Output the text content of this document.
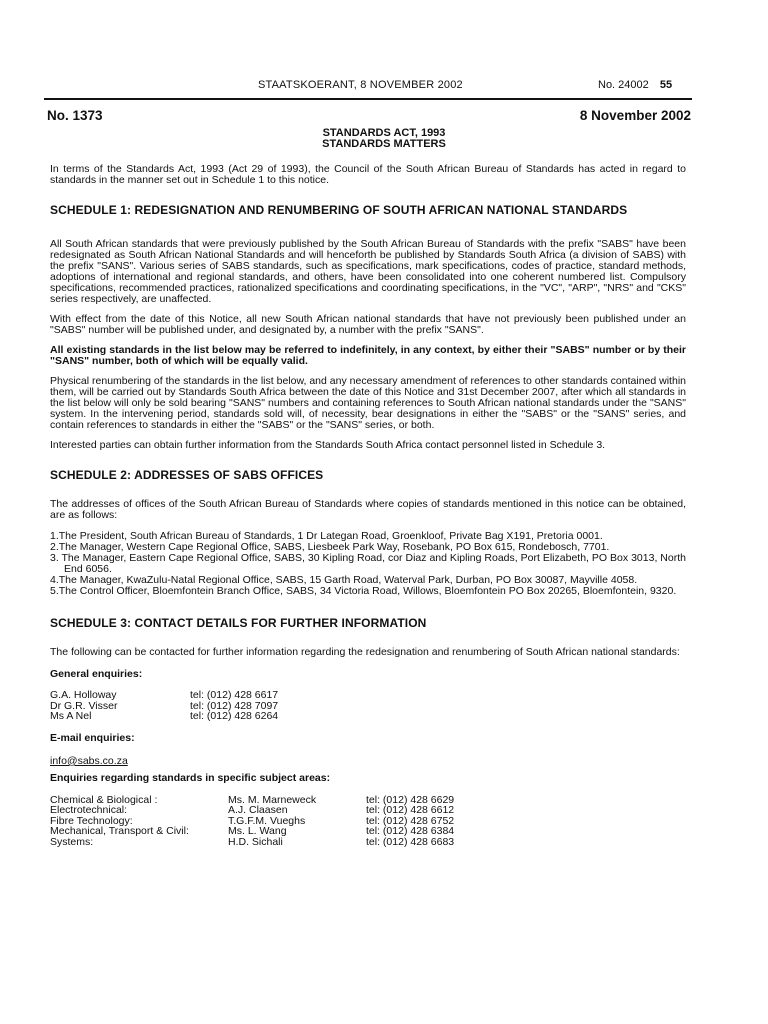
STAATSKOERANT, 8 NOVEMBER 2002	No. 24002 55
No. 1373	8 November 2002
STANDARDS ACT, 1993
STANDARDS MATTERS

In terms of the Standards Act, 1993 (Act 29 of 1993), the Council of the South African Bureau of Standards has acted in regard to standards in the manner set out in Schedule 1 to this notice.

SCHEDULE 1: REDESIGNATION AND RENUMBERING OF SOUTH AFRICAN NATIONAL STANDARDS

All South African standards that were previously published by the South African Bureau of Standards with the prefix "SABS" have been redesignated as South African National Standards and will henceforth be published by Standards South Africa (a division of SABS) with the prefix "SANS". Various series of SABS standards, such as specifications, mark specifications, codes of practice, standard methods, adoptions of international and regional standards, and others, have been consolidated into one coherent numbered list. Compulsory specifications, recommended practices, rationalized specifications and coordinating specifications, in the "VC", "ARP", "NRS" and "CKS" series respectively, are unaffected.

With effect from the date of this Notice, all new South African national standards that have not previously been published under an "SABS" number will be published under, and designated by, a number with the prefix "SANS".

All existing standards in the list below may be referred to indefinitely, in any context, by either their "SABS" number or by their "SANS" number, both of which will be equally valid.

Physical renumbering of the standards in the list below, and any necessary amendment of references to other standards contained within them, will be carried out by Standards South Africa between the date of this Notice and 31st December 2007, after which all standards in the list below will only be sold bearing "SANS" numbers and containing references to South African national standards under the "SANS" system. In the intervening period, standards sold will, of necessity, bear designations in either the "SABS" or the "SANS" series, and contain references to standards in either the "SABS" or the "SANS" series, or both.

Interested parties can obtain further information from the Standards South Africa contact personnel listed in Schedule 3.

SCHEDULE 2: ADDRESSES OF SABS OFFICES

The addresses of offices of the South African Bureau of Standards where copies of standards mentioned in this notice can be obtained, are as follows:

1.The President, South African Bureau of Standards, 1 Dr Lategan Road, Groenkloof, Private Bag X191, Pretoria 0001.
2.The Manager, Western Cape Regional Office, SABS, Liesbeek Park Way, Rosebank, PO Box 615, Rondebosch, 7701.
3. The Manager, Eastern Cape Regional Office, SABS, 30 Kipling Road, cor Diaz and Kipling Roads, Port Elizabeth, PO Box 3013, North End 6056.
4.The Manager, KwaZulu-Natal Regional Office, SABS, 15 Garth Road, Waterval Park, Durban, PO Box 30087, Mayville 4058.
5.The Control Officer, Bloemfontein Branch Office, SABS, 34 Victoria Road, Willows, Bloemfontein PO Box 20265, Bloemfontein, 9320.
SCHEDULE 3: CONTACT DETAILS FOR FURTHER INFORMATION

The following can be contacted for further information regarding the redesignation and renumbering of South African national standards:

General enquiries:
G.A. Holloway	tel: (012) 428 6617
Dr G.R. Visser	tel: (012) 428 7097
Ms A Nel	tel: (012) 428 6264
E-mail enquiries:
info@sabs.co.za
Enquiries regarding standards in specific subject areas:
Chemical & Biological :	Ms. M. Marneweck	tel: (012) 428 6629
Electrotechnical:	A.J. Claasen	tel: (012) 428 6612
Fibre Technology:	T.G.F.M. Vueghs	tel: (012) 428 6752
Mechanical, Transport & Civil:	Ms. L. Wang	tel: (012) 428 6384
Systems:	H.D. Sichali	tel: (012) 428 6683
